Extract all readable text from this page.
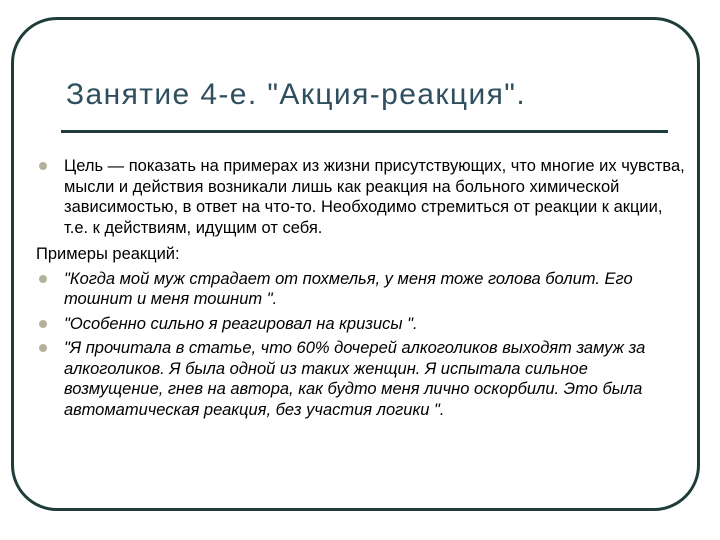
Занятие 4-е. "Акция-реакция".
Цель — показать на примерах из жизни присутствующих, что многие их чувства, мысли и действия возникали лишь как реакция на больного химической зависимостью, в ответ на что-то. Необходимо стремиться от реакции к акции, т.е. к действиям, идущим от себя.
Примеры реакций:
"Когда мой муж страдает от похмелья, у меня тоже голова болит. Его тошнит и меня тошнит ".
"Особенно сильно я реагировал на кризисы ".
"Я прочитала в статье, что 60% дочерей алкоголиков выходят замуж за алкоголиков. Я была одной из таких женщин. Я испытала сильное возмущение, гнев на автора, как будто меня лично оскорбили. Это была автоматическая реакция, без участия логики ".
